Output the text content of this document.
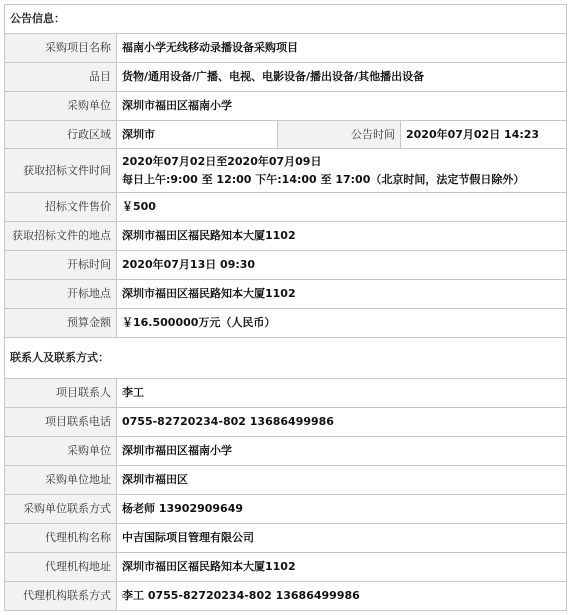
公告信息：			
采购项目名称	福南小学无线移动录播设备采购项目		
品目	货物/通用设备/广播、电视、电影设备/播出设备/其他播出设备		
采购单位	深圳市福田区福南小学		
行政区域	深圳市	公告时间	2020年07月02日 14:23
获取招标文件时间	2020年07月02日至2020年07月09日
每日上午:9:00 至 12:00 下午:14:00 至 17:00（北京时间，法定节假日除外）		

招标文件售价	￥500		
获取招标文件的地点	深圳市福田区福民路知本大厦1102		
开标时间	2020年07月13日 09:30		
开标地点	深圳市福田区福民路知本大厦1102		
预算金额	￥16.500000万元（人民币）		
联系人及联系方式：			
项目联系人	李工		
项目联系电话	0755-82720234-802 13686499986		
采购单位	深圳市福田区福南小学		
采购单位地址	深圳市福田区		
采购单位联系方式	杨老师 13902909649		
代理机构名称	中吉国际项目管理有限公司		
代理机构地址	深圳市福田区福民路知本大厦1102		
代理机构联系方式	李工 0755-82720234-802 13686499986		
